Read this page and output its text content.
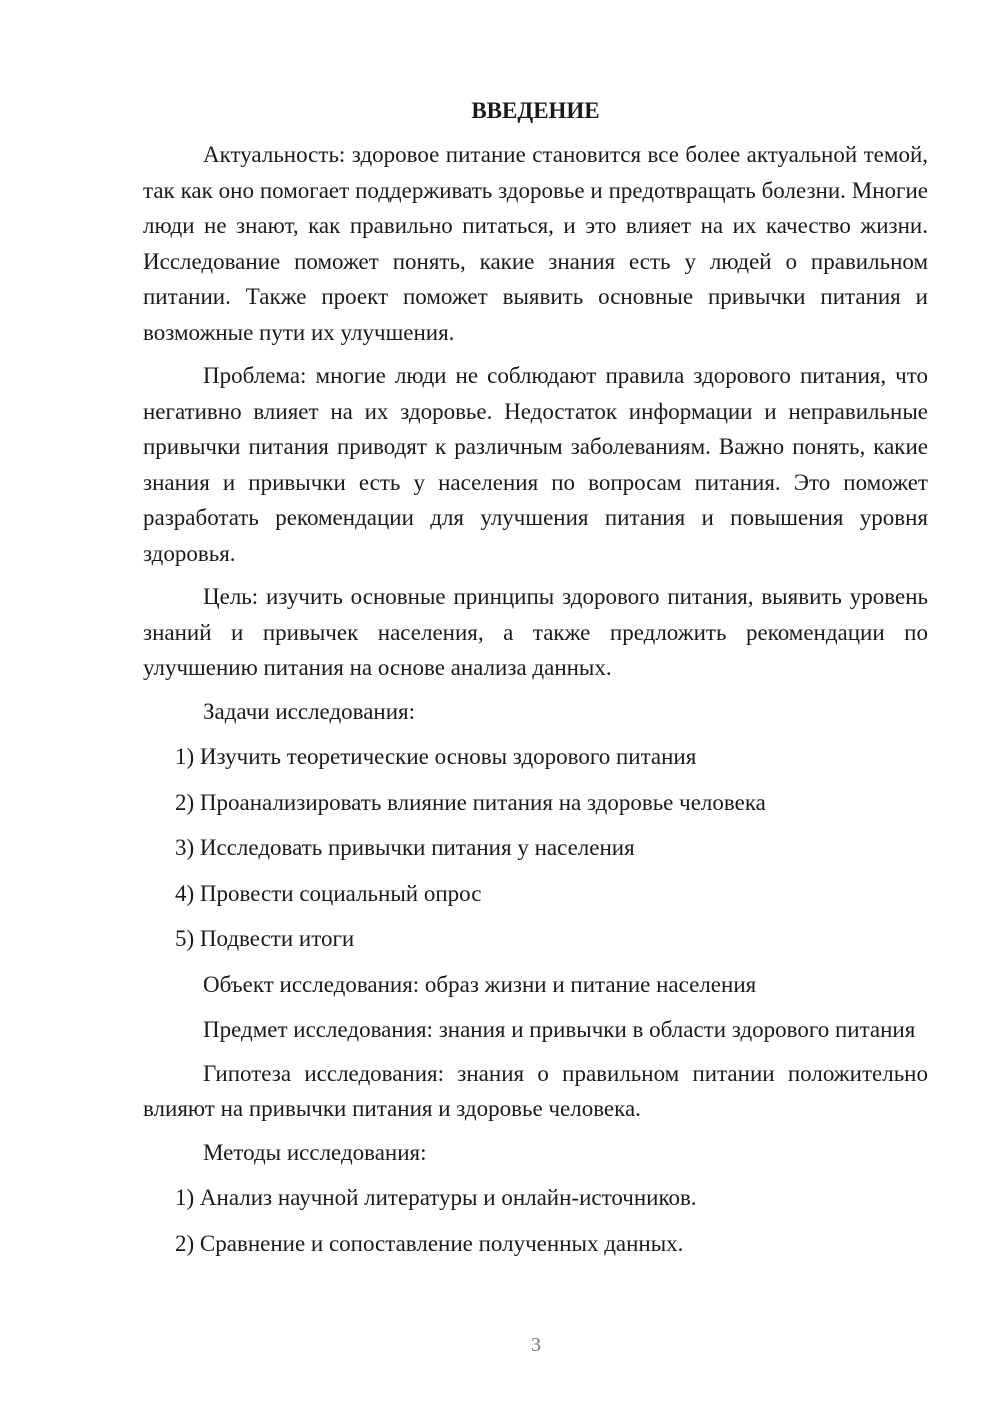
ВВЕДЕНИЕ

Актуальность: здоровое питание становится все более актуальной темой, так как оно помогает поддерживать здоровье и предотвращать болезни. Многие люди не знают, как правильно питаться, и это влияет на их качество жизни. Исследование поможет понять, какие знания есть у людей о правильном питании. Также проект поможет выявить основные привычки питания и возможные пути их улучшения.

Проблема: многие люди не соблюдают правила здорового питания, что негативно влияет на их здоровье. Недостаток информации и неправильные привычки питания приводят к различным заболеваниям. Важно понять, какие знания и привычки есть у населения по вопросам питания. Это поможет разработать рекомендации для улучшения питания и повышения уровня здоровья.

Цель: изучить основные принципы здорового питания, выявить уровень знаний и привычек населения, а также предложить рекомендации по улучшению питания на основе анализа данных.

Задачи исследования:
1) Изучить теоретические основы здорового питания
2) Проанализировать влияние питания на здоровье человека
3) Исследовать привычки питания у населения
4) Провести социальный опрос
5) Подвести итоги
Объект исследования: образ жизни и питание населения

Предмет исследования: знания и привычки в области здорового питания

Гипотеза исследования: знания о правильном питании положительно влияют на привычки питания и здоровье человека.

Методы исследования:
1) Анализ научной литературы и онлайн-источников.
2) Сравнение и сопоставление полученных данных.
3
